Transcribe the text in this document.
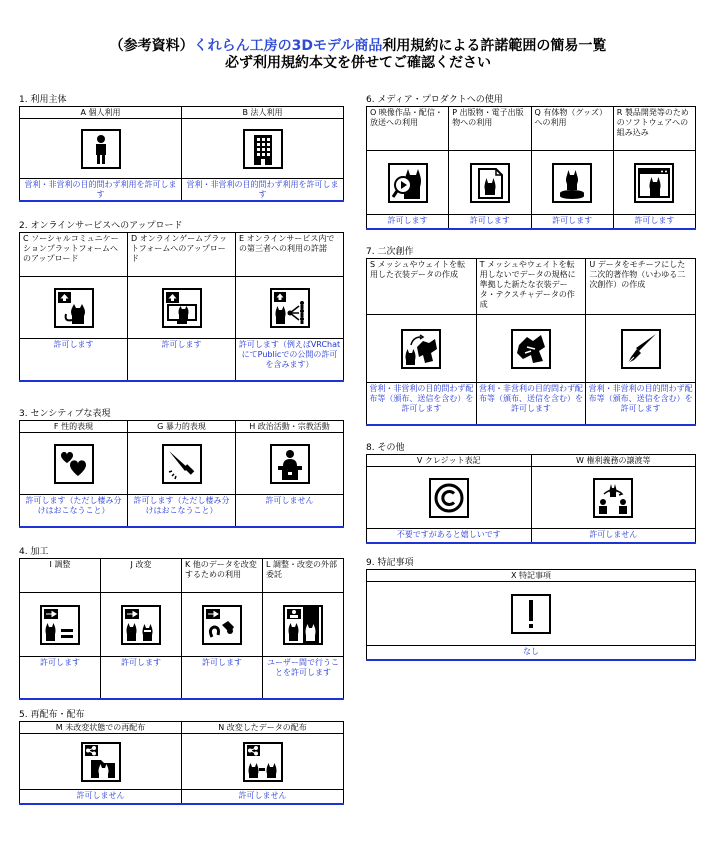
（参考資料）くれらん工房の3Dモデル商品利用規約による許諾範囲の簡易一覧
必ず利用規約本文を併せてご確認ください
1. 利用主体
A 個人利用	B 法人利用

営利・非営利の目的問わず利用を許可します	営利・非営利の目的問わず利用を許可します
2. オンラインサービスへのアップロード
C ソーシャルコミュニケーションプラットフォームへのアップロード	D オンラインゲームプラットフォームへのアップロード	E オンラインサービス内での第三者への利用の許諾

許可します	許可します	許可します（例えばVRChatにてPublicでの公開の許可を含みます）
3. センシティブな表現
F 性的表現	G 暴力的表現	H 政治活動・宗教活動

許可します（ただし棲み分けはおこなうこと）	許可します（ただし棲み分けはおこなうこと）	許可しません
4. 加工
I 調整	J 改変	K 他のデータを改変するための利用	L 調整・改変の外部委託

許可します	許可します	許可します	ユーザー間で行うことを許可します
5. 再配布・配布
M 未改変状態での再配布	N 改変したデータの配布

許可しません	許可しません
6. メディア・プロダクトへの使用
O 映像作品・配信・放送への利用	P 出版物・電子出版物への利用	Q 有体物（グッズ）への利用	R 製品開発等のためのソフトウェアへの組み込み

許可します	許可します	許可します	許可します
7. 二次創作
S メッシュやウェイトを転用した衣装データの作成	T メッシュやウェイトを転用しないでデータの規格に準拠した新たな衣装データ・テクスチャデータの作成	U データをモチーフにした二次的著作物（いわゆる二次創作）の作成

営利・非営利の目的問わず配布等（頒布、送信を含む）を許可します	営利・非営利の目的問わず配布等（頒布、送信を含む）を許可します	営利・非営利の目的問わず配布等（頒布、送信を含む）を許可します
8. その他
V クレジット表記	W 権利義務の譲渡等

不要ですがあると嬉しいです	許可しません
9. 特記事項
X 特記事項

なし
